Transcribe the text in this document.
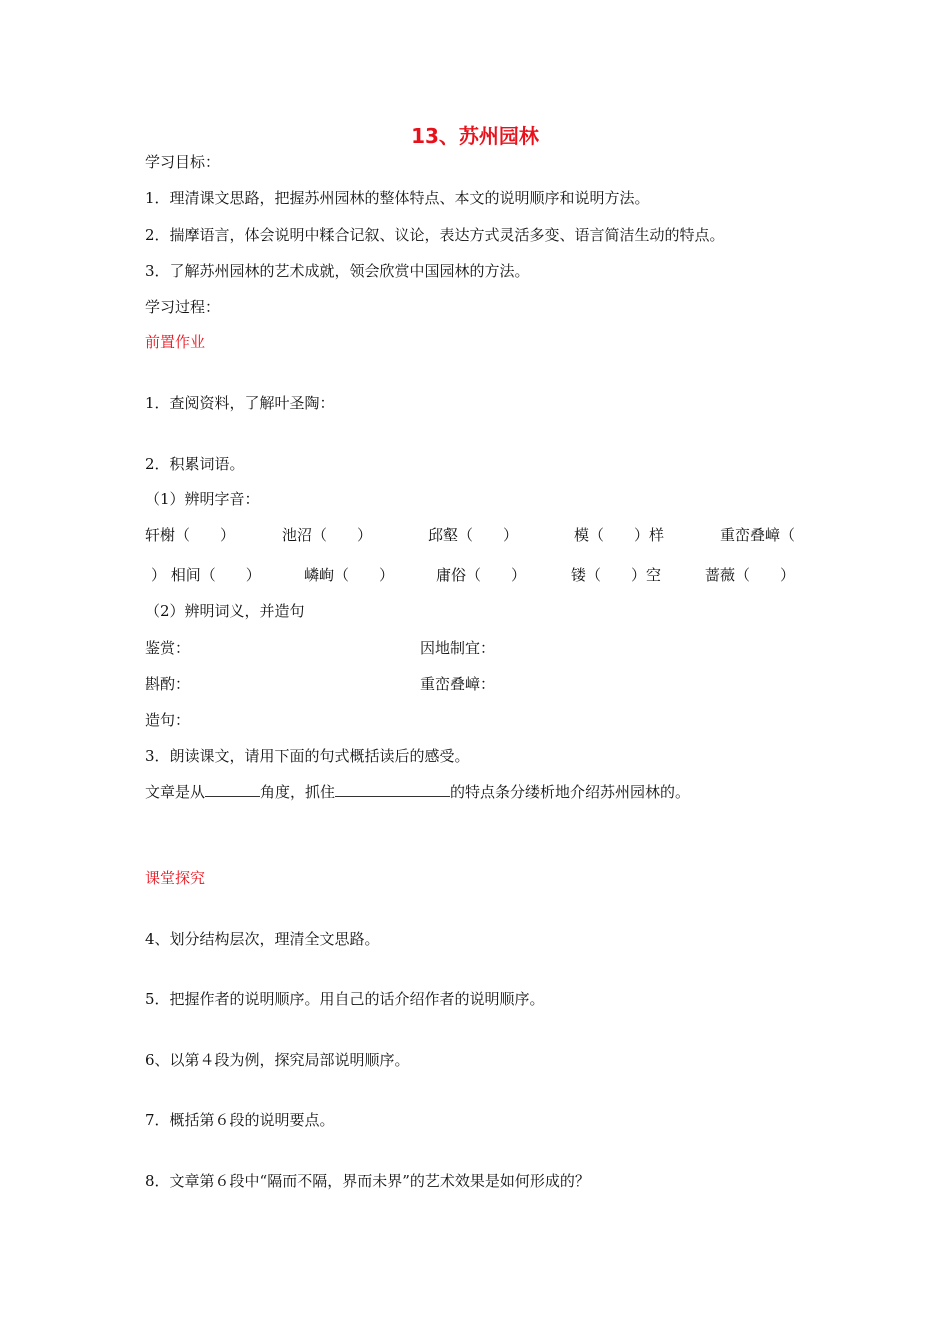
13、苏州园林
学习目标：
1．理清课文思路，把握苏州园林的整体特点、本文的说明顺序和说明方法。
2．揣摩语言，体会说明中糅合记叙、议论，表达方式灵活多变、语言简洁生动的特点。
3．了解苏州园林的艺术成就，领会欣赏中国园林的方法。
学习过程：
前置作业
1．查阅资料，了解叶圣陶：
2．积累词语。
（1）辨明字音：
轩榭（　　）	池沼（　　）	邱壑（　　）	模（　　）样	重峦叠嶂（
） 相间（　　）	嶙峋（　　）	庸俗（　　）	镂（　　）空	蔷薇（　　）
（2）辨明词义，并造句
鉴赏：	因地制宜：
斟酌：	重峦叠嶂：
造句：
3．朗读课文，请用下面的句式概括读后的感受。
文章是从	角度，抓住	的特点条分缕析地介绍苏州园林的。
课堂探究
4、划分结构层次，理清全文思路。
5．把握作者的说明顺序。用自己的话介绍作者的说明顺序。
6、以第４段为例，探究局部说明顺序。
7．概括第６段的说明要点。
8．文章第６段中“隔而不隔，界而未界”的艺术效果是如何形成的？
